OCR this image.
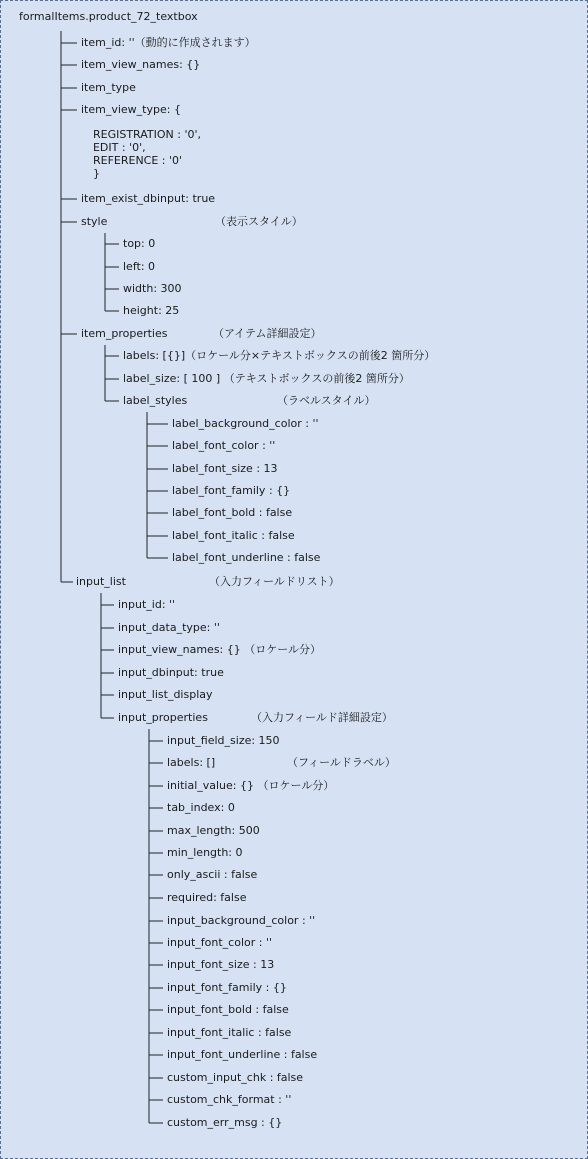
formalItems.product_72_textbox
item_id: ''（動的に作成されます）
item_view_names: {}
item_type
item_view_type: {
REGISTRATION : '0',
EDIT : '0',
REFERENCE : '0'
}
item_exist_dbinput: true
style	（表示スタイル）
top: 0
left: 0
width: 300
height: 25
item_properties	（アイテム詳細設定）
labels: [{}]（ロケール分×テキストボックスの前後2 箇所分）
label_size: [ 100 ] （テキストボックスの前後2 箇所分）
label_styles	（ラベルスタイル）
label_background_color : ''
label_font_color : ''
label_font_size : 13
label_font_family : {}
label_font_bold : false
label_font_italic : false
label_font_underline : false
input_list	（入力フィールドリスト）
input_id: ''
input_data_type: ''
input_view_names: {} （ロケール分）
input_dbinput: true
input_list_display
input_properties	（入力フィールド詳細設定）
input_field_size: 150
labels: []	（フィールドラベル）
initial_value: {} （ロケール分）
tab_index: 0
max_length: 500
min_length: 0
only_ascii : false
required: false
input_background_color : ''
input_font_color : ''
input_font_size : 13
input_font_family : {}
input_font_bold : false
input_font_italic : false
input_font_underline : false
custom_input_chk : false
custom_chk_format : ''
custom_err_msg : {}
